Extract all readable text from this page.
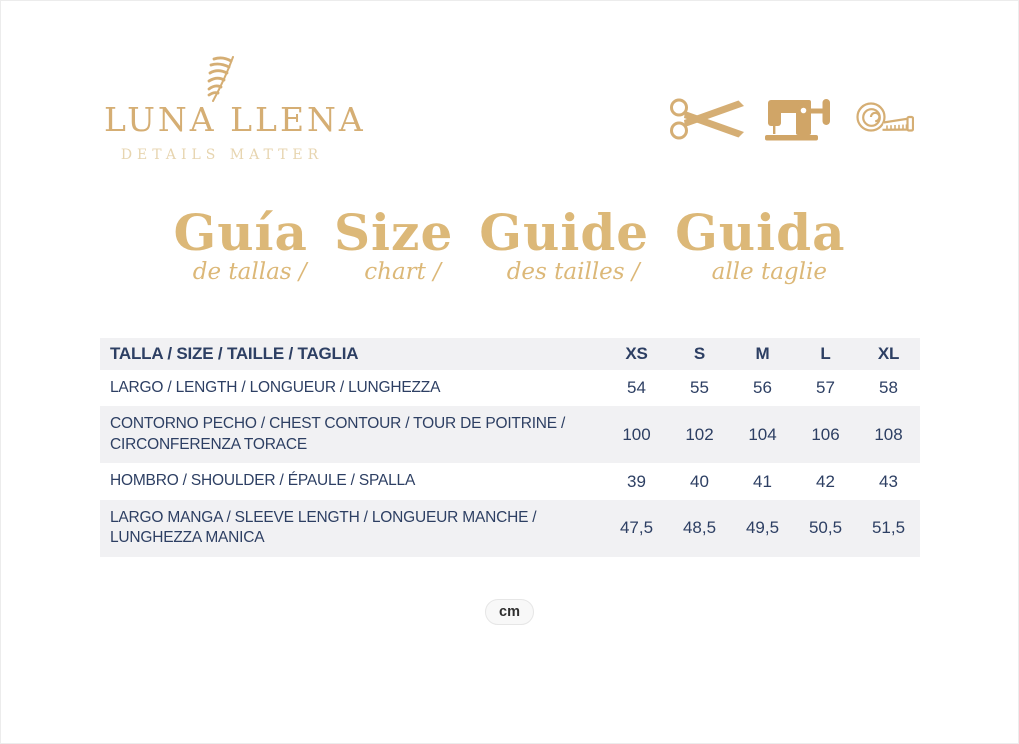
LUNA LLENA
DETAILS MATTER
Guía
de tallas /
Size
chart /
Guide
des tailles /
Guida
alle taglie
TALLA / SIZE / TAILLE / TAGLIA	XS	S	M	L	XL
LARGO / LENGTH / LONGUEUR / LUNGHEZZA	54	55	56	57	58
CONTORNO PECHO / CHEST CONTOUR / TOUR DE POITRINE / CIRCONFERENZA TORACE	100	102	104	106	108
HOMBRO / SHOULDER / ÉPAULE / SPALLA	39	40	41	42	43
LARGO MANGA / SLEEVE LENGTH / LONGUEUR MANCHE / LUNGHEZZA MANICA	47,5	48,5	49,5	50,5	51,5
cm
